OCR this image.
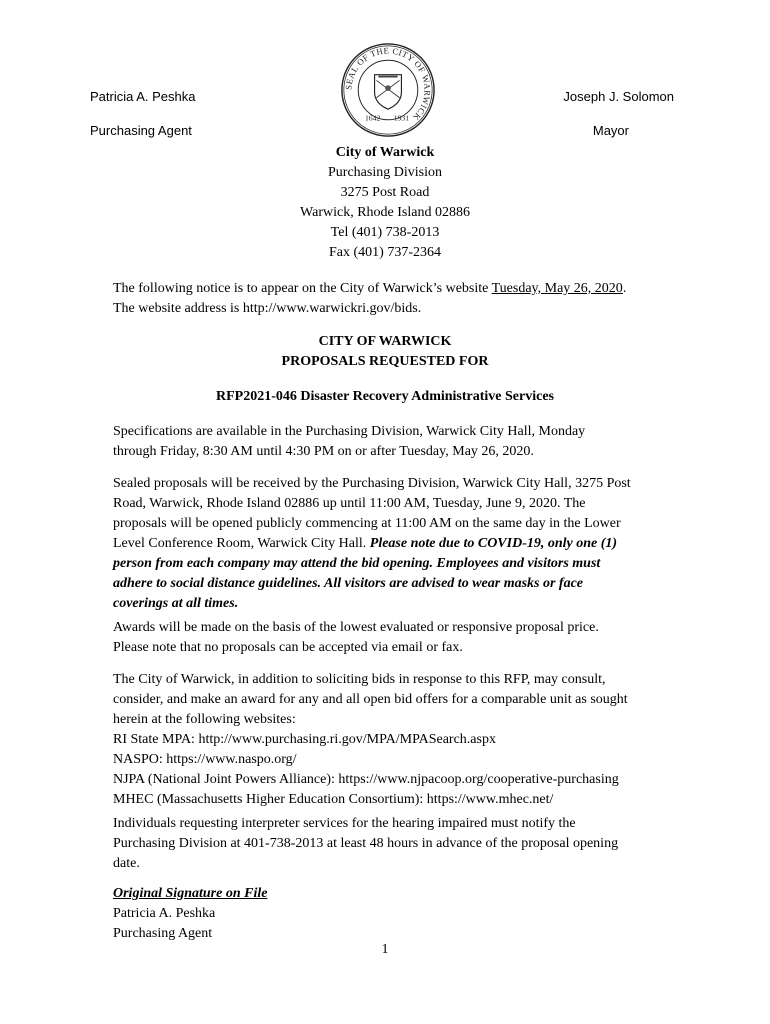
Patricia A. Peshka
Purchasing Agent
Joseph J. Solomon
Mayor
SEAL OF THE CITY OF WARWICK
1642 1931
City of Warwick
Purchasing Division
3275 Post Road
Warwick, Rhode Island 02886
Tel (401) 738-2013
Fax (401) 737-2364
The following notice is to appear on the City of Warwick’s website Tuesday, May 26, 2020.
The website address is http://www.warwickri.gov/bids.
CITY OF WARWICK
PROPOSALS REQUESTED FOR
RFP2021-046 Disaster Recovery Administrative Services
Specifications are available in the Purchasing Division, Warwick City Hall, Monday
through Friday, 8:30 AM until 4:30 PM on or after Tuesday, May 26, 2020.
Sealed proposals will be received by the Purchasing Division, Warwick City Hall, 3275 Post
Road, Warwick, Rhode Island 02886 up until 11:00 AM, Tuesday, June 9, 2020. The
proposals will be opened publicly commencing at 11:00 AM on the same day in the Lower
Level Conference Room, Warwick City Hall. Please note due to COVID-19, only one (1)
person from each company may attend the bid opening. Employees and visitors must
adhere to social distance guidelines. All visitors are advised to wear masks or face
coverings at all times.
Awards will be made on the basis of the lowest evaluated or responsive proposal price.
Please note that no proposals can be accepted via email or fax.
The City of Warwick, in addition to soliciting bids in response to this RFP, may consult,
consider, and make an award for any and all open bid offers for a comparable unit as sought
herein at the following websites:
RI State MPA: http://www.purchasing.ri.gov/MPA/MPASearch.aspx
NASPO: https://www.naspo.org/
NJPA (National Joint Powers Alliance): https://www.njpacoop.org/cooperative-purchasing
MHEC (Massachusetts Higher Education Consortium): https://www.mhec.net/
Individuals requesting interpreter services for the hearing impaired must notify the
Purchasing Division at 401-738-2013 at least 48 hours in advance of the proposal opening
date.
Original Signature on File
Patricia A. Peshka
Purchasing Agent
1
